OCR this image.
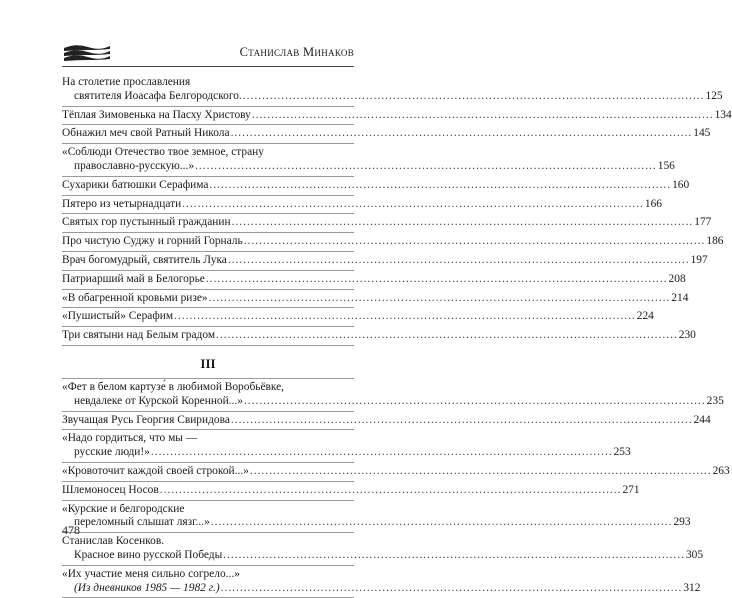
Станислав Минаков
На столетие прославления
святителя Иоасафа Белгородского. ........................................................................................................................ 125
Тёплая Зимовенька на Пасху Христову ........................................................................................................................ 134
Обнажил меч свой Ратный Никола ........................................................................................................................ 145
«Соблюди Отечество твое земное, страну
православно-русскую...» ........................................................................................................................ 156
Сухарики батюшки Серафима ........................................................................................................................ 160
Пятеро из четырнадцати ........................................................................................................................ 166
Святых гор пустынный гражданин ........................................................................................................................ 177
Про чистую Суджу и горний Горналь ........................................................................................................................ 186
Врач богомудрый, святитель Лука ........................................................................................................................ 197
Патриарший май в Белогорье ........................................................................................................................ 208
«В обагренной кровьми ризе» ........................................................................................................................ 214
«Пушистый» Серафим ........................................................................................................................ 224
Три святыни над Белым градом ........................................................................................................................ 230
III
«Фет в белом картузе́ в любимой Воробьёвке,
невдалеке от Курской Коренной...» ........................................................................................................................ 235
Звучащая Русь Георгия Свиридова ........................................................................................................................ 244
«Надо гордиться, что мы —
русские люди!» ........................................................................................................................ 253
«Кровоточит каждой своей строкой...» ........................................................................................................................ 263
Шлемоносец Носов ........................................................................................................................ 271
«Курские и белгородские
переломный слышат лязг...» ........................................................................................................................ 293
Станислав Косенков.
Красное вино русской Победы ........................................................................................................................ 305
«Их участие меня сильно согрело...»
(Из дневников 1985 — 1982 г.) ........................................................................................................................ 312
478
